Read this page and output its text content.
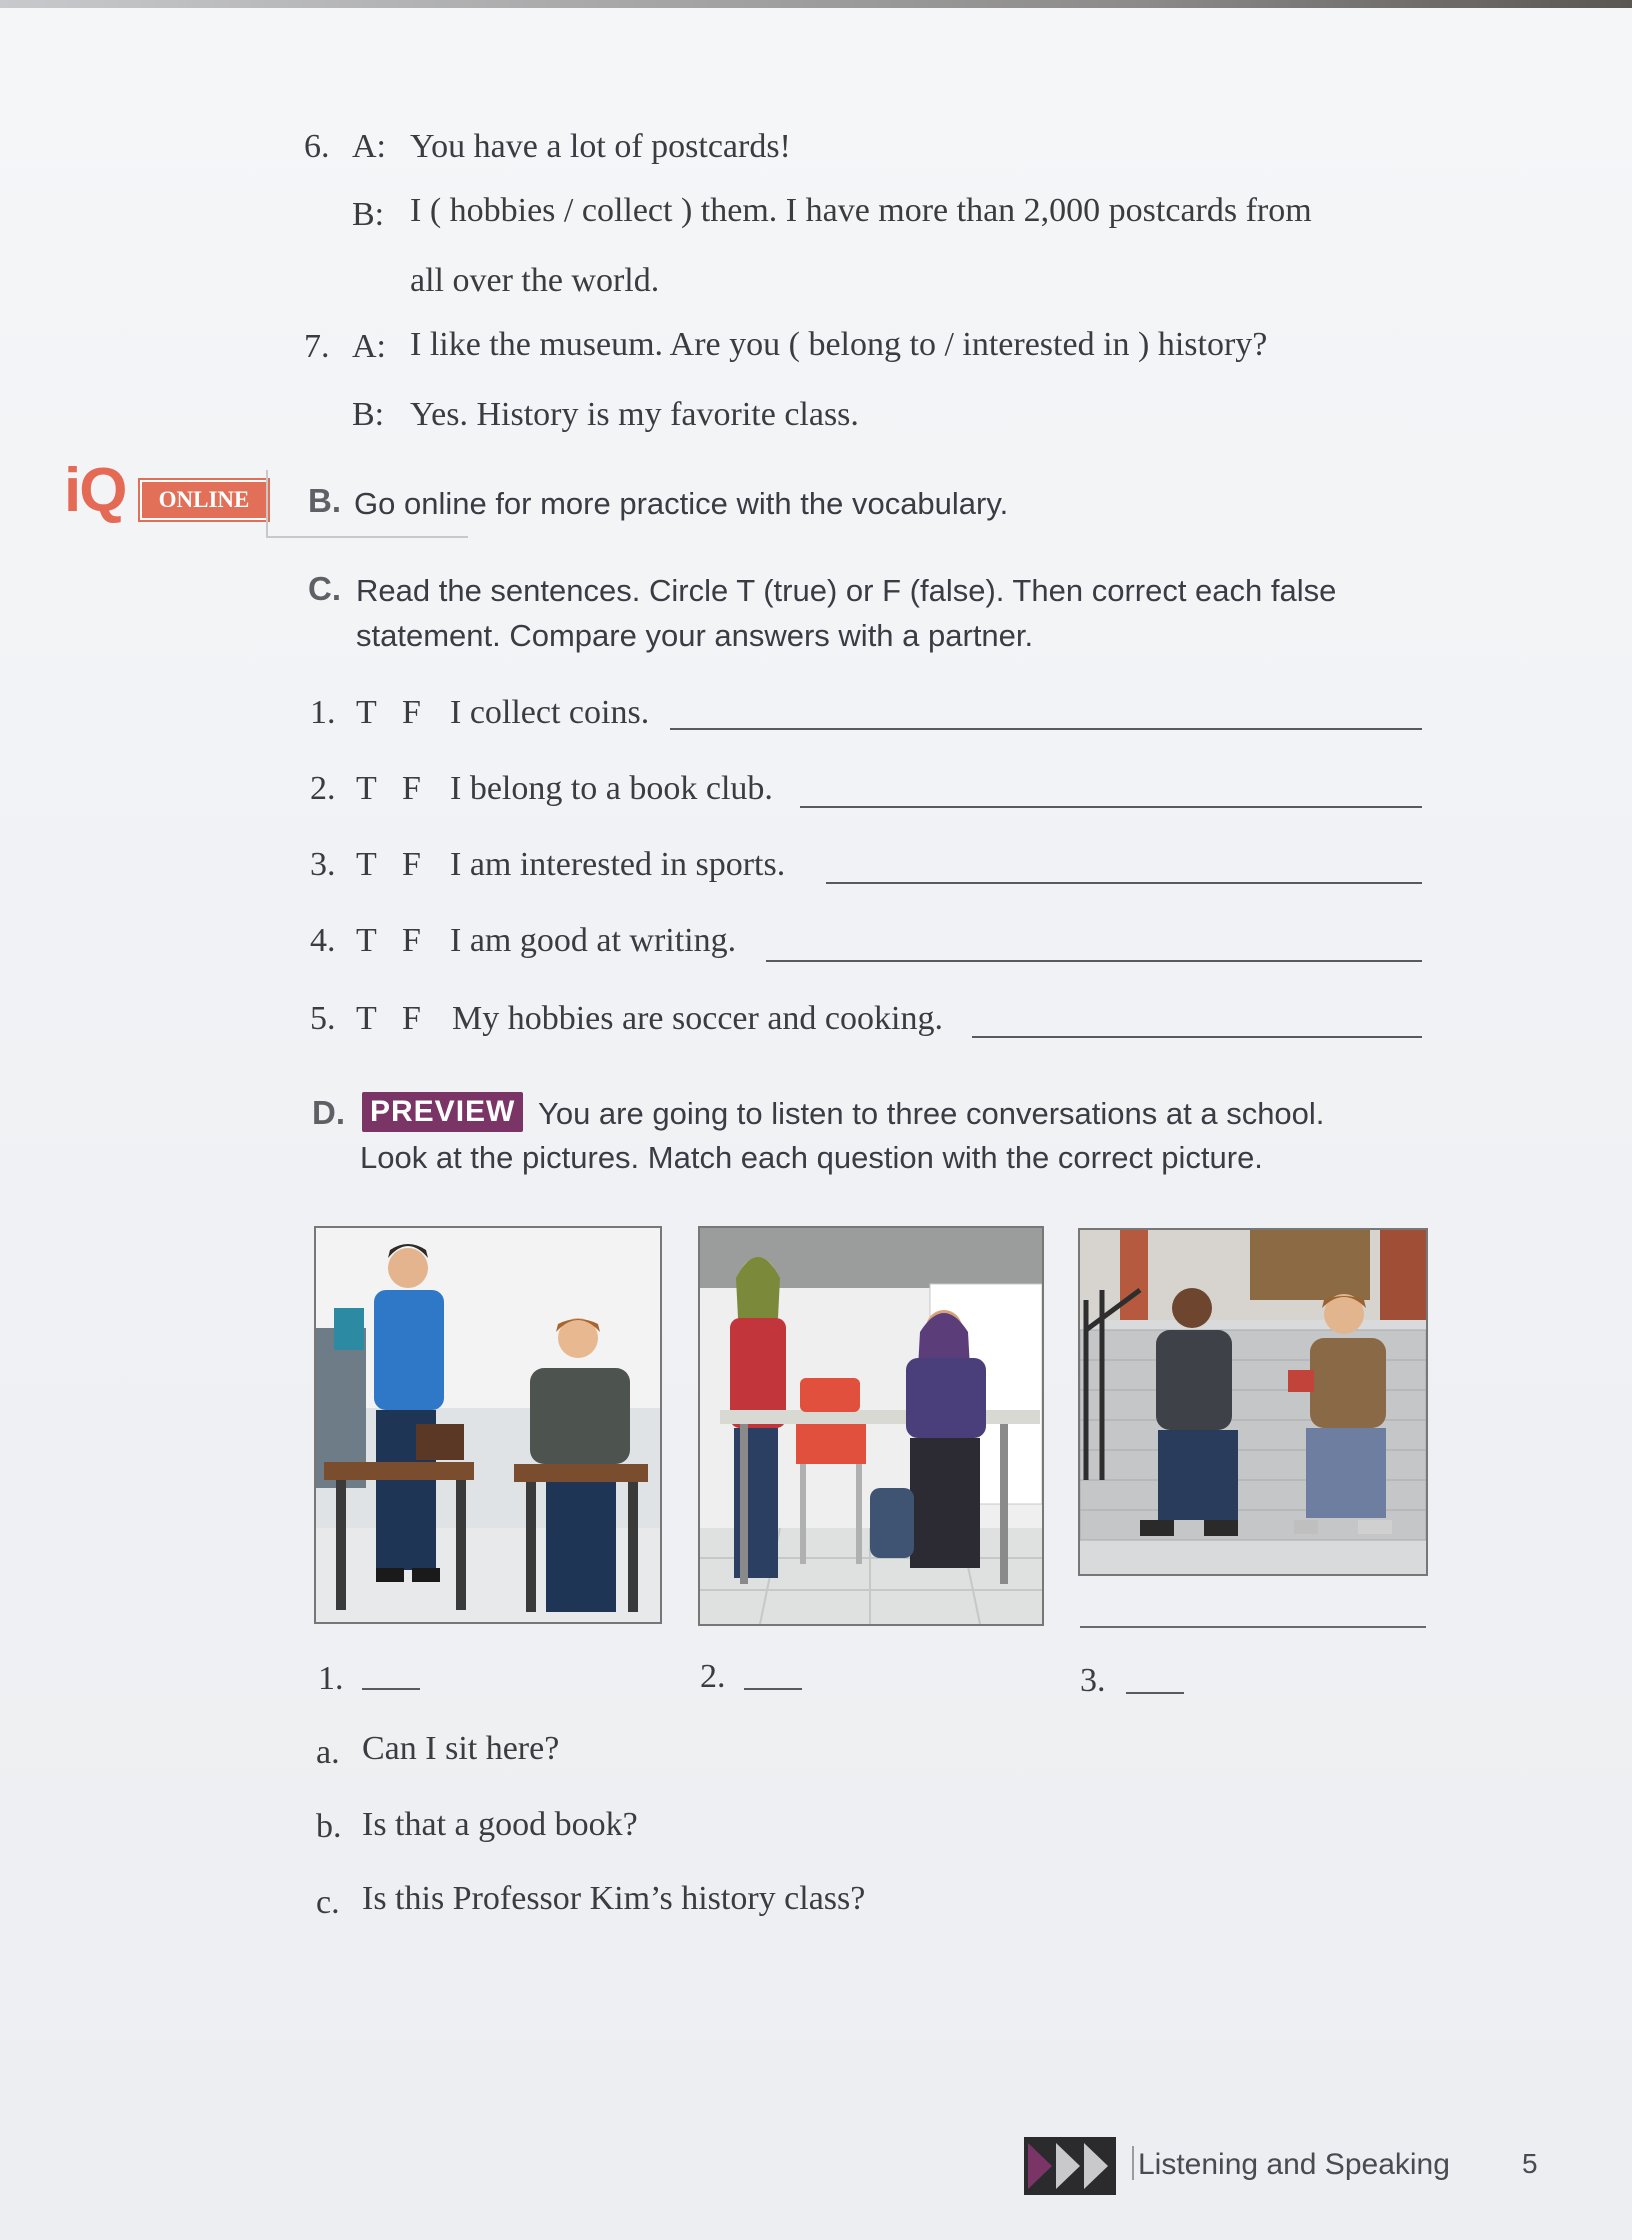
6. A: You have a lot of postcards!
B: I ( hobbies / collect ) them. I have more than 2,000 postcards from
all over the world.
7. A: I like the museum. Are you ( belong to / interested in ) history?
B: Yes. History is my favorite class.
iQ	ONLINE	B. Go online for more practice with the vocabulary.
C. Read the sentences. Circle T (true) or F (false). Then correct each false
statement. Compare your answers with a partner.
1. T F I collect coins.
2. T F I belong to a book club.
3. T F I am interested in sports.
4. T F I am good at writing.
5. T F My hobbies are soccer and cooking.
D. PREVIEW You are going to listen to three conversations at a school.
Look at the pictures. Match each question with the correct picture.
1.	2.	3.
a. Can I sit here?
b. Is that a good book?
c. Is this Professor Kim’s history class?
Listening and Speaking	5
